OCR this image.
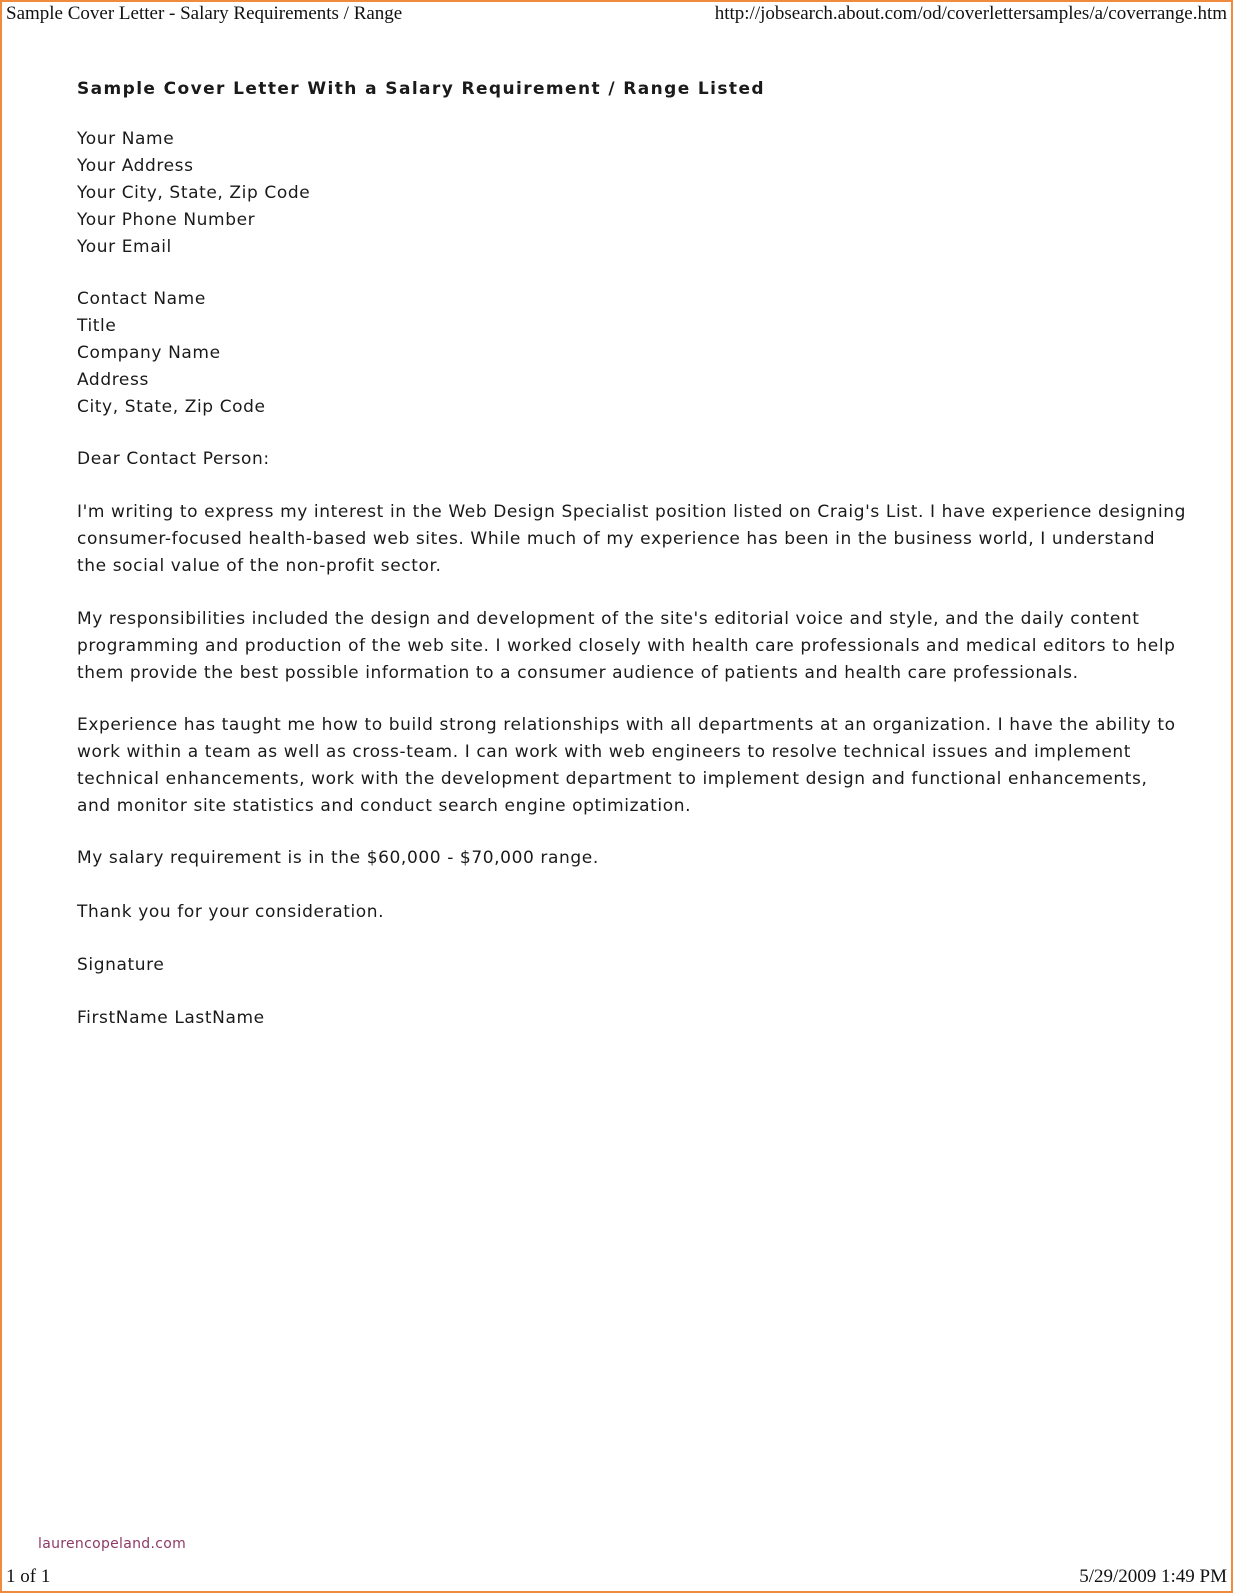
Sample Cover Letter - Salary Requirements / Range	http://jobsearch.about.com/od/coverlettersamples/a/coverrange.htm
Sample Cover Letter With a Salary Requirement / Range Listed
Your Name
Your Address
Your City, State, Zip Code
Your Phone Number
Your Email
Contact Name
Title
Company Name
Address
City, State, Zip Code
Dear Contact Person:
I'm writing to express my interest in the Web Design Specialist position listed on Craig's List. I have experience designing consumer-focused health-based web sites. While much of my experience has been in the business world, I understand the social value of the non-profit sector.
My responsibilities included the design and development of the site's editorial voice and style, and the daily content programming and production of the web site. I worked closely with health care professionals and medical editors to help them provide the best possible information to a consumer audience of patients and health care professionals.
Experience has taught me how to build strong relationships with all departments at an organization. I have the ability to work within a team as well as cross-team. I can work with web engineers to resolve technical issues and implement technical enhancements, work with the development department to implement design and functional enhancements, and monitor site statistics and conduct search engine optimization.
My salary requirement is in the $60,000 - $70,000 range.
Thank you for your consideration.
Signature
FirstName LastName
laurencopeland.com
1 of 1	5/29/2009 1:49 PM
